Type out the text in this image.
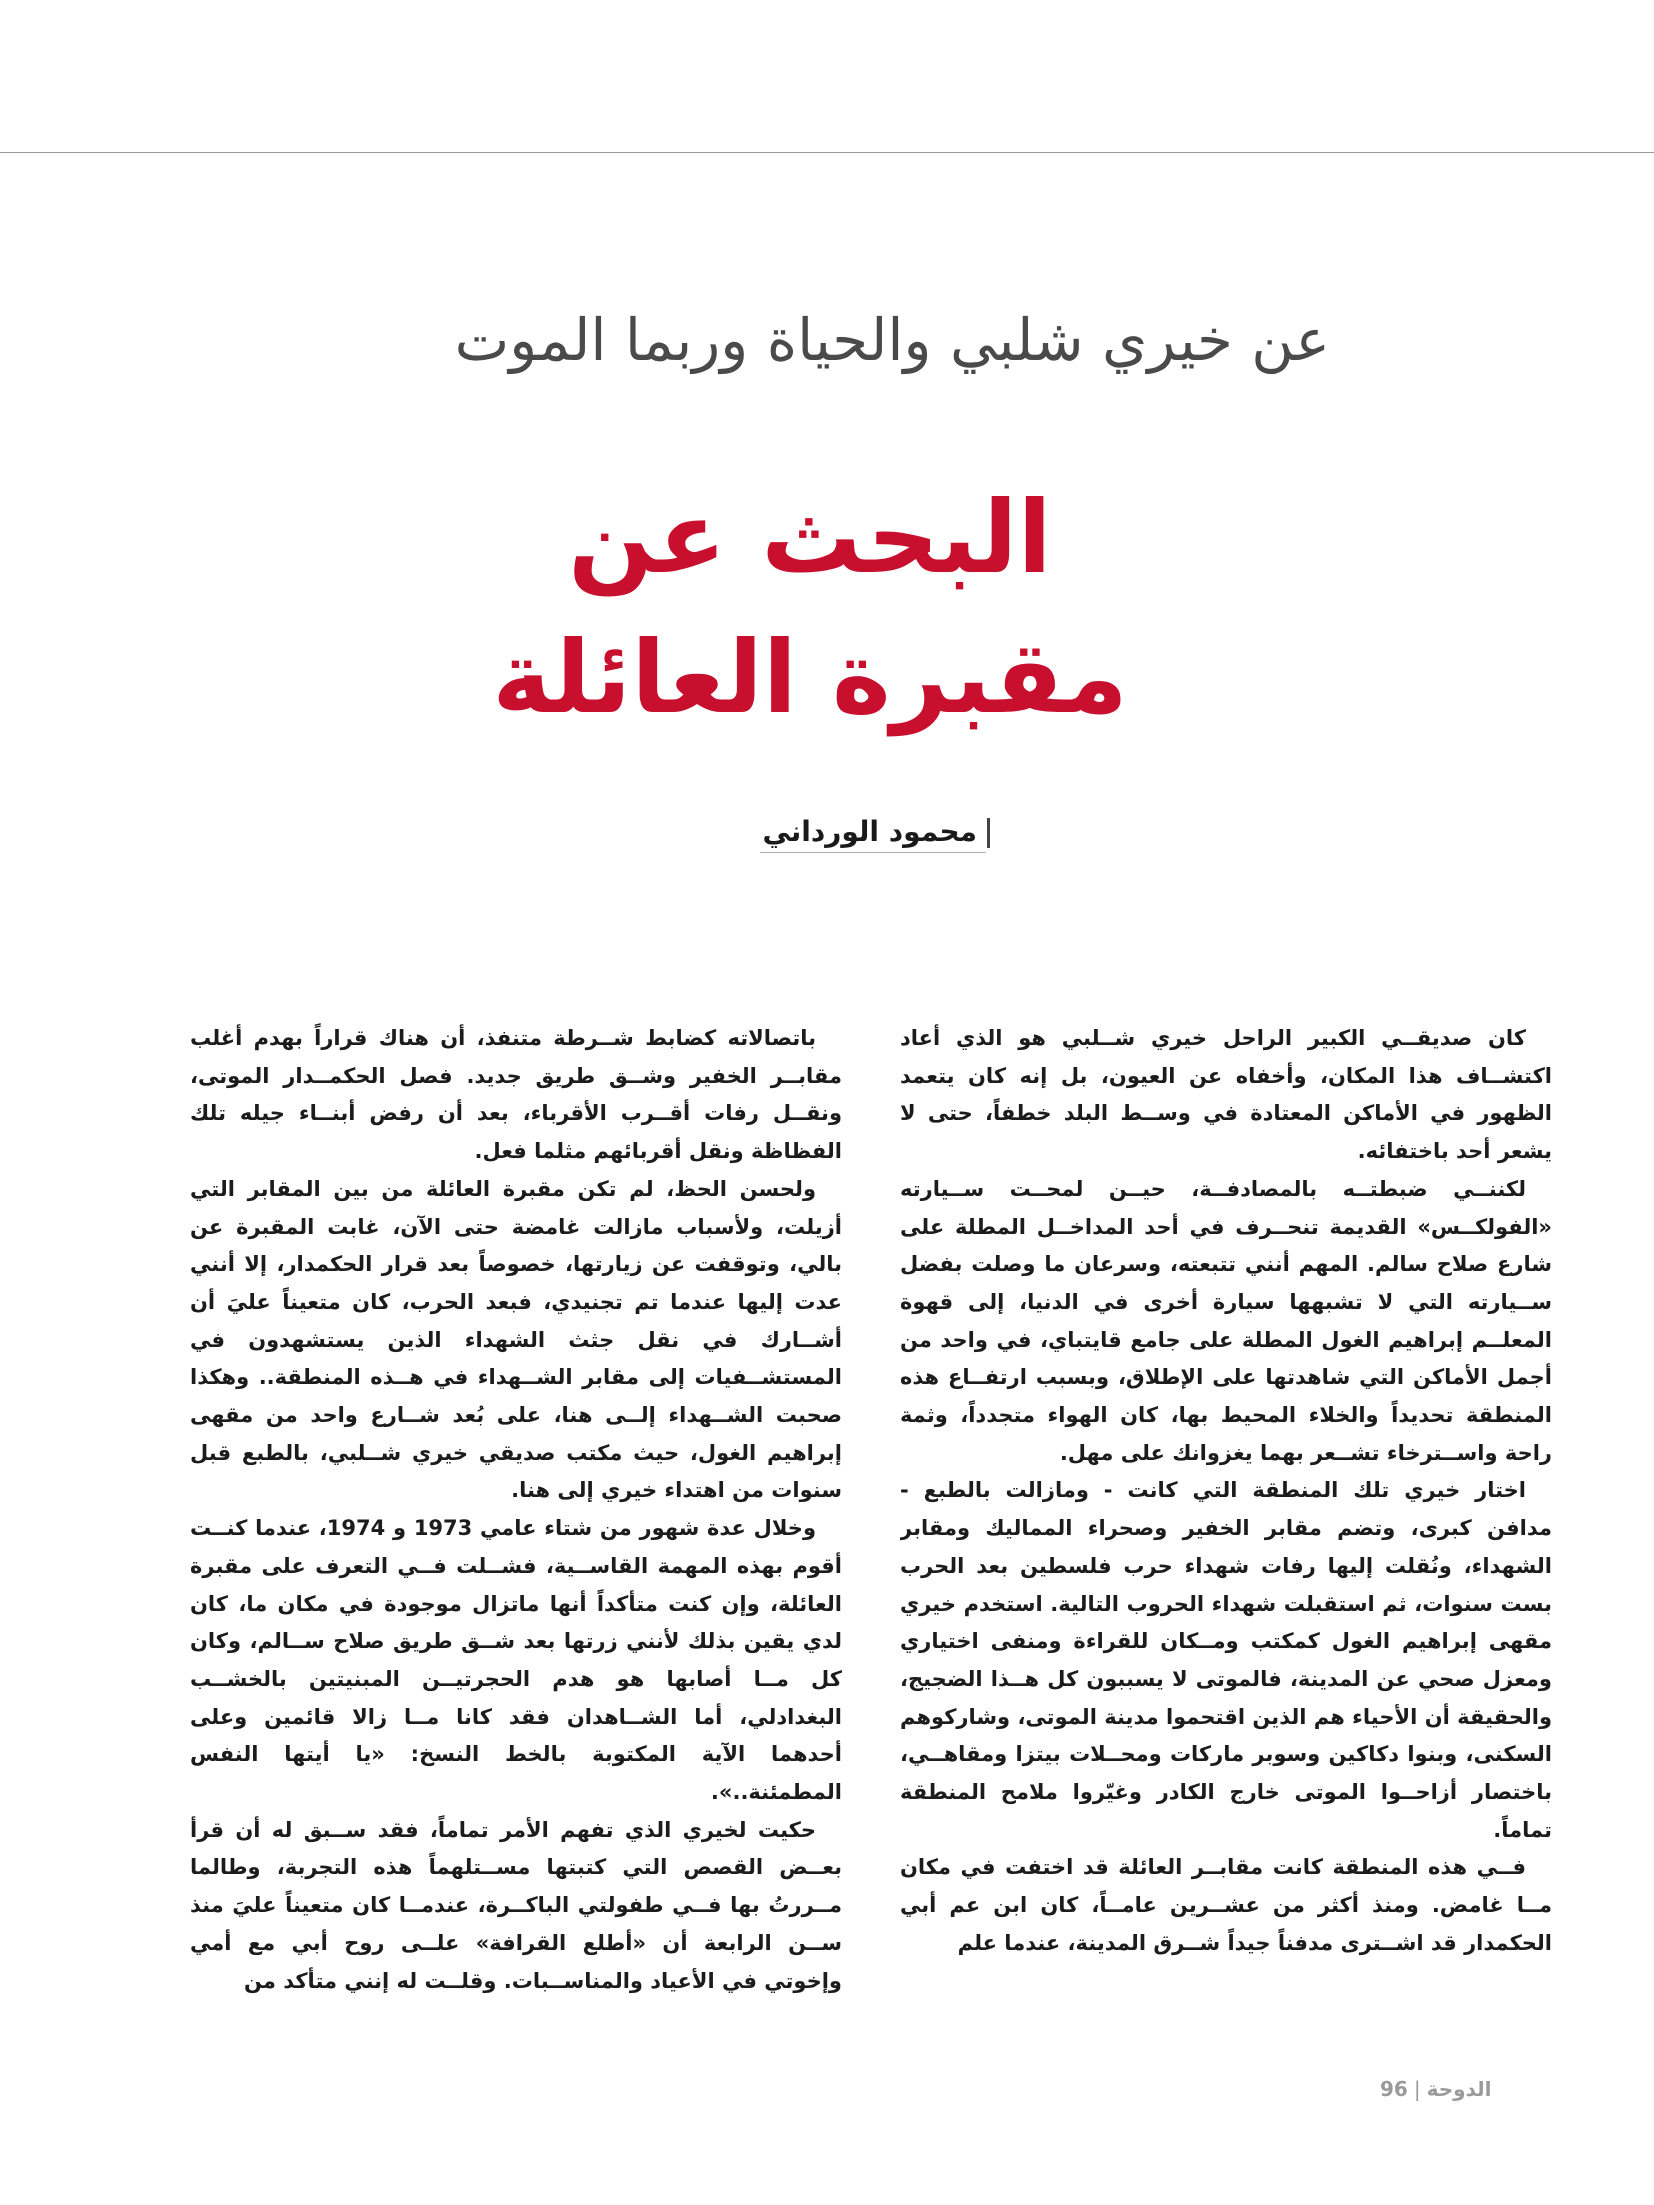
عن خيري شلبي والحياة وربما الموت
البحث عن
مقبرة العائلة
محمود الورداني

كان صديقــي الكبير الراحل خيري شــلبي هو الذي أعاد اكتشــاف هذا المكان، وأخفاه عن العيون، بل إنه كان يتعمد الظهور في الأماكن المعتادة في وســط البلد خطفاً، حتى لا يشعر أحد باختفائه.

لكننــي ضبطتــه بالمصادفــة، حيــن لمحــت ســيارته «الفولكــس» القديمة تنحــرف في أحد المداخــل المطلة على شارع صلاح سالم. المهم أنني تتبعته، وسرعان ما وصلت بفضل ســيارته التي لا تشبهها سيارة أخرى في الدنيا، إلى قهوة المعلــم إبراهيم الغول المطلة على جامع قايتباي، في واحد من أجمل الأماكن التي شاهدتها على الإطلاق، وبسبب ارتفــاع هذه المنطقة تحديداً والخلاء المحيط بها، كان الهواء متجدداً، وثمة راحة واســترخاء تشــعر بهما يغزوانك على مهل.

اختار خيري تلك المنطقة التي كانت - ومازالت بالطبع - مدافن كبرى، وتضم مقابر الخفير وصحراء المماليك ومقابر الشهداء، ونُقلت إليها رفات شهداء حرب فلسطين بعد الحرب بست سنوات، ثم استقبلت شهداء الحروب التالية. استخدم خيري مقهى إبراهيم الغول كمكتب ومــكان للقراءة ومنفى اختياري ومعزل صحي عن المدينة، فالموتى لا يسببون كل هــذا الضجيج، والحقيقة أن الأحياء هم الذين اقتحموا مدينة الموتى، وشاركوهم السكنى، وبنوا دكاكين وسوبر ماركات ومحــلات بيتزا ومقاهــي، باختصار أزاحــوا الموتى خارج الكادر وغيّروا ملامح المنطقة تماماً.

فــي هذه المنطقة كانت مقابــر العائلة قد اختفت في مكان مــا غامض. ومنذ أكثر من عشــرين عامــاً، كان ابن عم أبي الحكمدار قد اشــترى مدفناً جيداً شــرق المدينة، عندما علم

باتصالاته كضابط شــرطة متنفذ، أن هناك قراراً بهدم أغلب مقابــر الخفير وشــق طريق جديد. فصل الحكمــدار الموتى، ونقــل رفات أقــرب الأقرباء، بعد أن رفض أبنــاء جيله تلك الفظاظة ونقل أقربائهم مثلما فعل.

ولحسن الحظ، لم تكن مقبرة العائلة من بين المقابر التي أزيلت، ولأسباب مازالت غامضة حتى الآن، غابت المقبرة عن بالي، وتوقفت عن زيارتها، خصوصاً بعد قرار الحكمدار، إلا أنني عدت إليها عندما تم تجنيدي، فبعد الحرب، كان متعيناً عليَ أن أشــارك في نقل جثث الشهداء الذين يستشهدون في المستشــفيات إلى مقابر الشــهداء في هــذه المنطقة.. وهكذا صحبت الشــهداء إلــى هنا، على بُعد شــارع واحد من مقهى إبراهيم الغول، حيث مكتب صديقي خيري شــلبي، بالطبع قبل سنوات من اهتداء خيري إلى هنا.

وخلال عدة شهور من شتاء عامي 1973 و 1974، عندما كنــت أقوم بهذه المهمة القاســية، فشــلت فــي التعرف على مقبرة العائلة، وإن كنت متأكداً أنها ماتزال موجودة في مكان ما، كان لدي يقين بذلك لأنني زرتها بعد شــق طريق صلاح ســالم، وكان كل مــا أصابها هو هدم الحجرتيــن المبنيتين بالخشــب البغدادلي، أما الشــاهدان فقد كانا مــا زالا قائمين وعلى أحدهما الآية المكتوبة بالخط النسخ: «يا أيتها النفس المطمئنة..».

حكيت لخيري الذي تفهم الأمر تماماً، فقد ســبق له أن قرأ بعــض القصص التي كتبتها مســتلهماً هذه التجربة، وطالما مــررتُ بها فــي طفولتي الباكــرة، عندمــا كان متعيناً عليَ منذ ســن الرابعة أن «أطلع القرافة» علــى روح أبي مع أمي وإخوتي في الأعياد والمناســبات. وقلــت له إنني متأكد من

الدوحة|96
